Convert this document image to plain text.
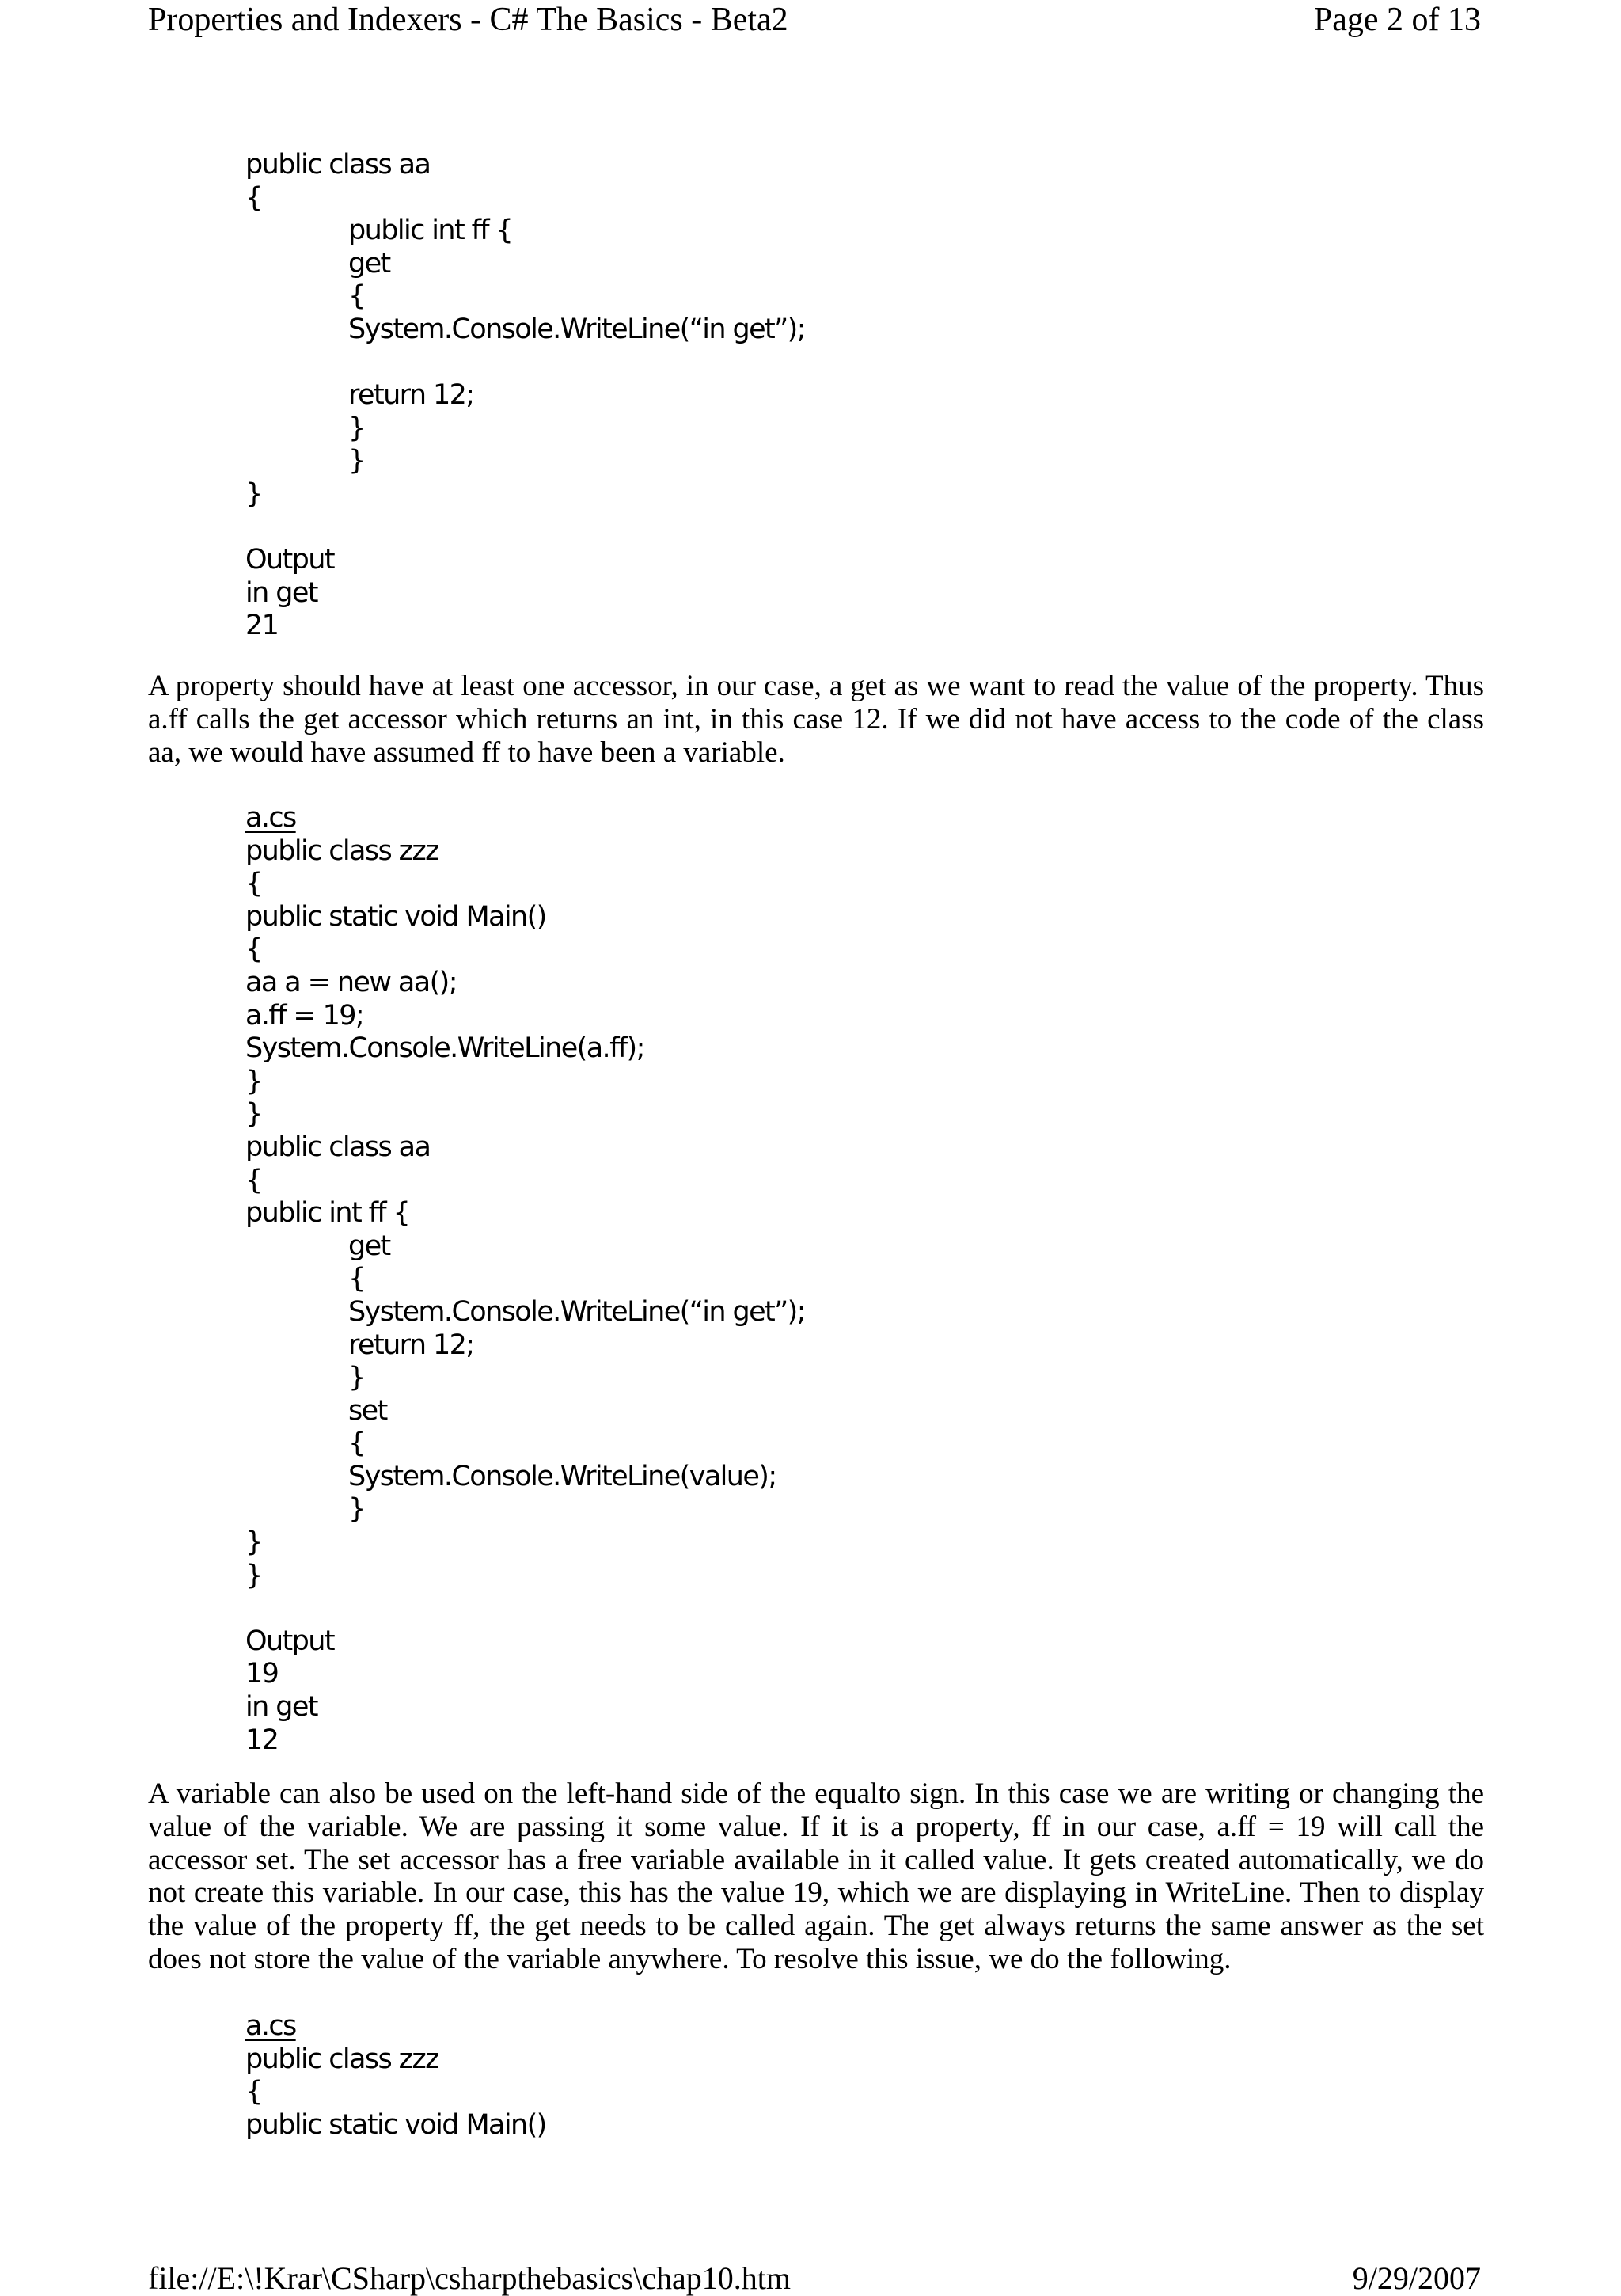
Properties and Indexers - C# The Basics - Beta2	Page 2 of 13
public class aa
{
public int ff {
get
{
System.Console.WriteLine(“in get”);
return 12;
}
}
}
Output
in get
21

A property should have at least one accessor, in our case, a get as we want to read the value of the property. Thus a.ff calls the get accessor which returns an int, in this case 12. If we did not have access to the code of the class aa, we would have assumed ff to have been a variable.

a.cs
public class zzz
{
public static void Main()
{
aa a = new aa();
a.ff = 19;
System.Console.WriteLine(a.ff);
}
}
public class aa
{
public int ff {
get
{
System.Console.WriteLine(“in get”);
return 12;
}
set
{
System.Console.WriteLine(value);
}
}
}
Output
19
in get
12

A variable can also be used on the left-hand side of the equalto sign. In this case we are writing or changing the value of the variable. We are passing it some value. If it is a property, ff in our case, a.ff = 19 will call the accessor set. The set accessor has a free variable available in it called value. It gets created automatically, we do not create this variable. In our case, this has the value 19, which we are displaying in WriteLine. Then to display the value of the property ff, the get needs to be called again. The get always returns the same answer as the set does not store the value of the variable anywhere. To resolve this issue, we do the following.

a.cs
public class zzz
{
public static void Main()
file://E:\!Krar\CSharp\csharpthebasics\chap10.htm	9/29/2007
